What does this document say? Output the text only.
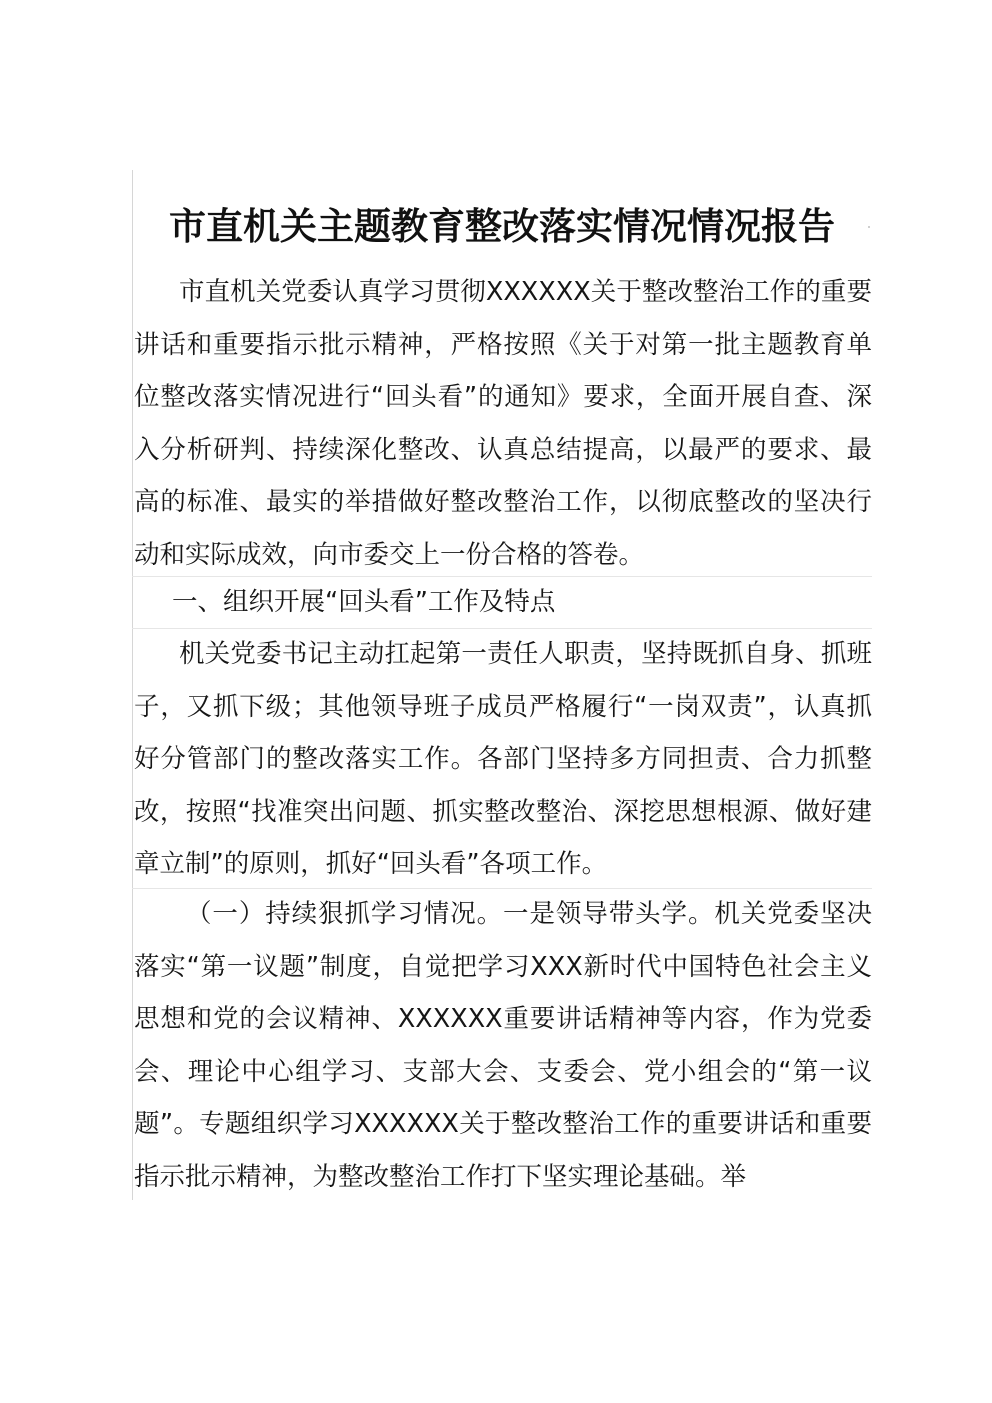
市直机关主题教育整改落实情况情况报告

市直机关党委认真学习贯彻XXXXXX关于整改整治工作的重要讲话和重要指示批示精神，严格按照《关于对第一批主题教育单位整改落实情况进行“回头看”的通知》要求，全面开展自查、深入分析研判、持续深化整改、认真总结提高，以最严的要求、最高的标准、最实的举措做好整改整治工作，以彻底整改的坚决行动和实际成效，向市委交上一份合格的答卷。

一、组织开展“回头看”工作及特点

机关党委书记主动扛起第一责任人职责，坚持既抓自身、抓班子，又抓下级；其他领导班子成员严格履行“一岗双责”，认真抓好分管部门的整改落实工作。各部门坚持多方同担责、合力抓整改，按照“找准突出问题、抓实整改整治、深挖思想根源、做好建章立制”的原则，抓好“回头看”各项工作。

（一）持续狠抓学习情况。一是领导带头学。机关党委坚决落实“第一议题”制度，自觉把学习XXX新时代中国特色社会主义思想和党的会议精神、XXXXXX重要讲话精神等内容，作为党委会、理论中心组学习、支部大会、支委会、党小组会的“第一议题”。专题组织学习XXXXXX关于整改整治工作的重要讲话和重要指示批示精神，为整改整治工作打下坚实理论基础。举
